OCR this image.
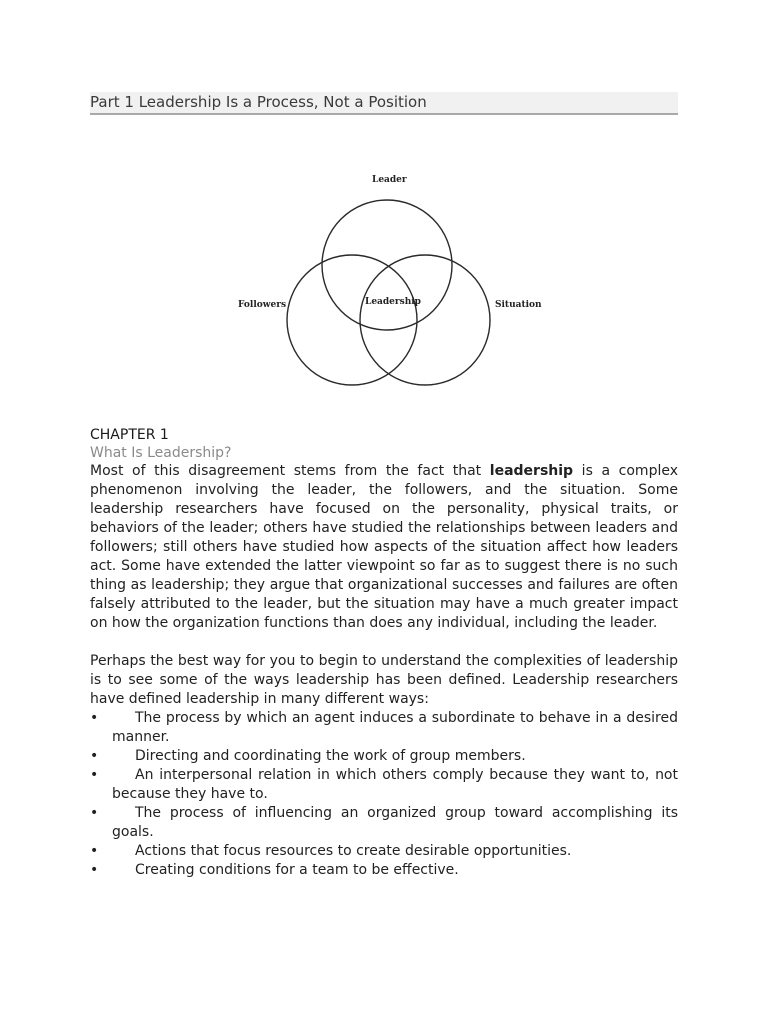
Part 1 Leadership Is a Process, Not a Position
Leader
Followers	Situation
Leadership
CHAPTER 1
What Is Leadership?

Most of this disagreement stems from the fact that leadership is a complex phenomenon involving the leader, the followers, and the situation. Some leadership researchers have focused on the personality, physical traits, or behaviors of the leader; others have studied the relationships between leaders and followers; still others have studied how aspects of the situation affect how leaders act. Some have extended the latter viewpoint so far as to suggest there is no such thing as leadership; they argue that organizational successes and failures are often falsely attributed to the leader, but the situation may have a much greater impact on how the organization functions than does any individual, including the leader.

Perhaps the best way for you to begin to understand the complexities of leadership is to see some of the ways leadership has been defined. Leadership researchers have defined leadership in many different ways:

•	The process by which an agent induces a subordinate to behave in a desired manner.
•	Directing and coordinating the work of group members.
•	An interpersonal relation in which others comply because they want to, not because they have to.
•	The process of influencing an organized group toward accomplishing its goals.
•	Actions that focus resources to create desirable opportunities.
•	Creating conditions for a team to be effective.
